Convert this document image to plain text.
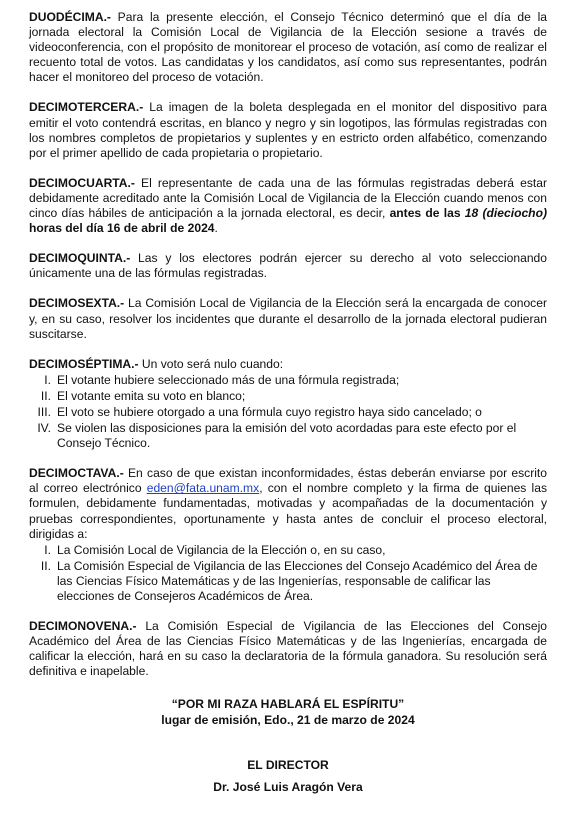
DUODÉCIMA.- Para la presente elección, el Consejo Técnico determinó que el día de la jornada electoral la Comisión Local de Vigilancia de la Elección sesione a través de videoconferencia, con el propósito de monitorear el proceso de votación, así como de realizar el recuento total de votos. Las candidatas y los candidatos, así como sus representantes, podrán hacer el monitoreo del proceso de votación.

DECIMOTERCERA.- La imagen de la boleta desplegada en el monitor del dispositivo para emitir el voto contendrá escritas, en blanco y negro y sin logotipos, las fórmulas registradas con los nombres completos de propietarios y suplentes y en estricto orden alfabético, comenzando por el primer apellido de cada propietaria o propietario.

DECIMOCUARTA.- El representante de cada una de las fórmulas registradas deberá estar debidamente acreditado ante la Comisión Local de Vigilancia de la Elección cuando menos con cinco días hábiles de anticipación a la jornada electoral, es decir, antes de las 18 (dieciocho) horas del día 16 de abril de 2024.

DECIMOQUINTA.- Las y los electores podrán ejercer su derecho al voto seleccionando únicamente una de las fórmulas registradas.

DECIMOSEXTA.- La Comisión Local de Vigilancia de la Elección será la encargada de conocer y, en su caso, resolver los incidentes que durante el desarrollo de la jornada electoral pudieran suscitarse.

DECIMOSÉPTIMA.- Un voto será nulo cuando:

I. El votante hubiere seleccionado más de una fórmula registrada;
II. El votante emita su voto en blanco;
III. El voto se hubiere otorgado a una fórmula cuyo registro haya sido cancelado; o
IV. Se violen las disposiciones para la emisión del voto acordadas para este efecto por el Consejo Técnico.

DECIMOCTAVA.- En caso de que existan inconformidades, éstas deberán enviarse por escrito al correo electrónico eden@fata.unam.mx, con el nombre completo y la firma de quienes las formulen, debidamente fundamentadas, motivadas y acompañadas de la documentación y pruebas correspondientes, oportunamente y hasta antes de concluir el proceso electoral, dirigidas a:

I. La Comisión Local de Vigilancia de la Elección o, en su caso,
II. La Comisión Especial de Vigilancia de las Elecciones del Consejo Académico del Área de las Ciencias Físico Matemáticas y de las Ingenierías, responsable de calificar las elecciones de Consejeros Académicos de Área.

DECIMONOVENA.- La Comisión Especial de Vigilancia de las Elecciones del Consejo Académico del Área de las Ciencias Físico Matemáticas y de las Ingenierías, encargada de calificar la elección, hará en su caso la declaratoria de la fórmula ganadora. Su resolución será definitiva e inapelable.

“POR MI RAZA HABLARÁ EL ESPÍRITU”
lugar de emisión, Edo., 21 de marzo de 2024
EL DIRECTOR
Dr. José Luis Aragón Vera
